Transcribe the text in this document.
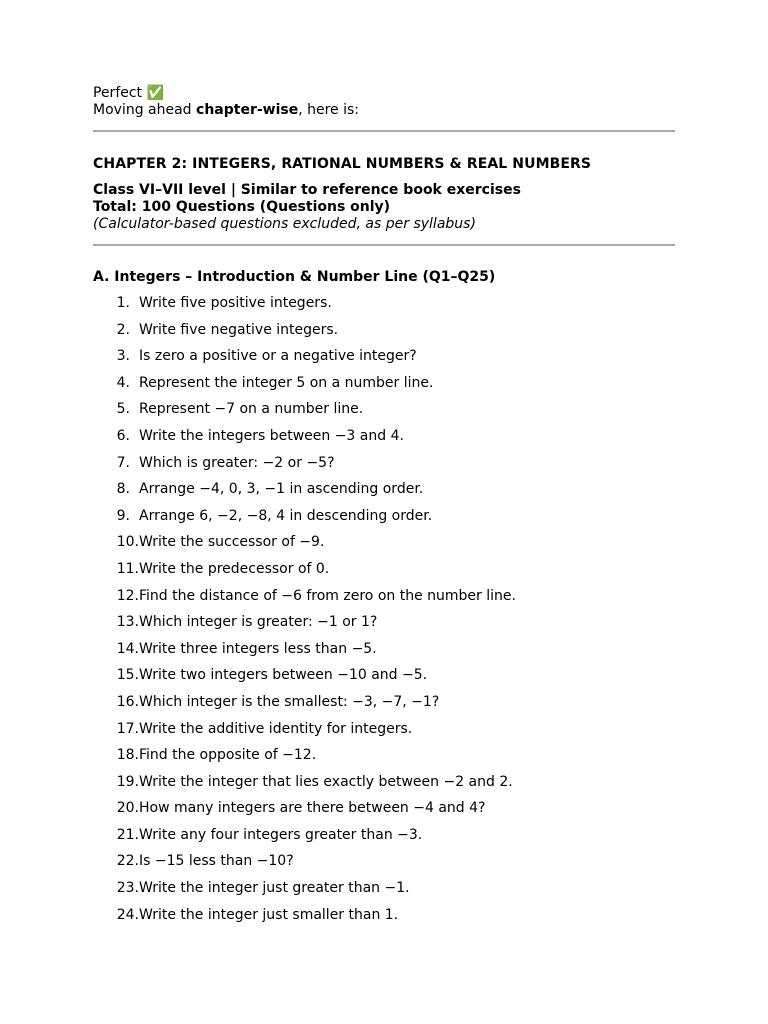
Perfect ✅
Moving ahead chapter-wise, here is:
CHAPTER 2: INTEGERS, RATIONAL NUMBERS & REAL NUMBERS
Class VI–VII level | Similar to reference book exercises
Total: 100 Questions (Questions only)
(Calculator-based questions excluded, as per syllabus)
A. Integers – Introduction & Number Line (Q1–Q25)
1. Write five positive integers.
2. Write five negative integers.
3. Is zero a positive or a negative integer?
4. Represent the integer 5 on a number line.
5. Represent −7 on a number line.
6. Write the integers between −3 and 4.
7. Which is greater: −2 or −5?
8. Arrange −4, 0, 3, −1 in ascending order.
9. Arrange 6, −2, −8, 4 in descending order.
10. Write the successor of −9.
11. Write the predecessor of 0.
12. Find the distance of −6 from zero on the number line.
13. Which integer is greater: −1 or 1?
14. Write three integers less than −5.
15. Write two integers between −10 and −5.
16. Which integer is the smallest: −3, −7, −1?
17. Write the additive identity for integers.
18. Find the opposite of −12.
19. Write the integer that lies exactly between −2 and 2.
20. How many integers are there between −4 and 4?
21. Write any four integers greater than −3.
22. Is −15 less than −10?
23. Write the integer just greater than −1.
24. Write the integer just smaller than 1.
